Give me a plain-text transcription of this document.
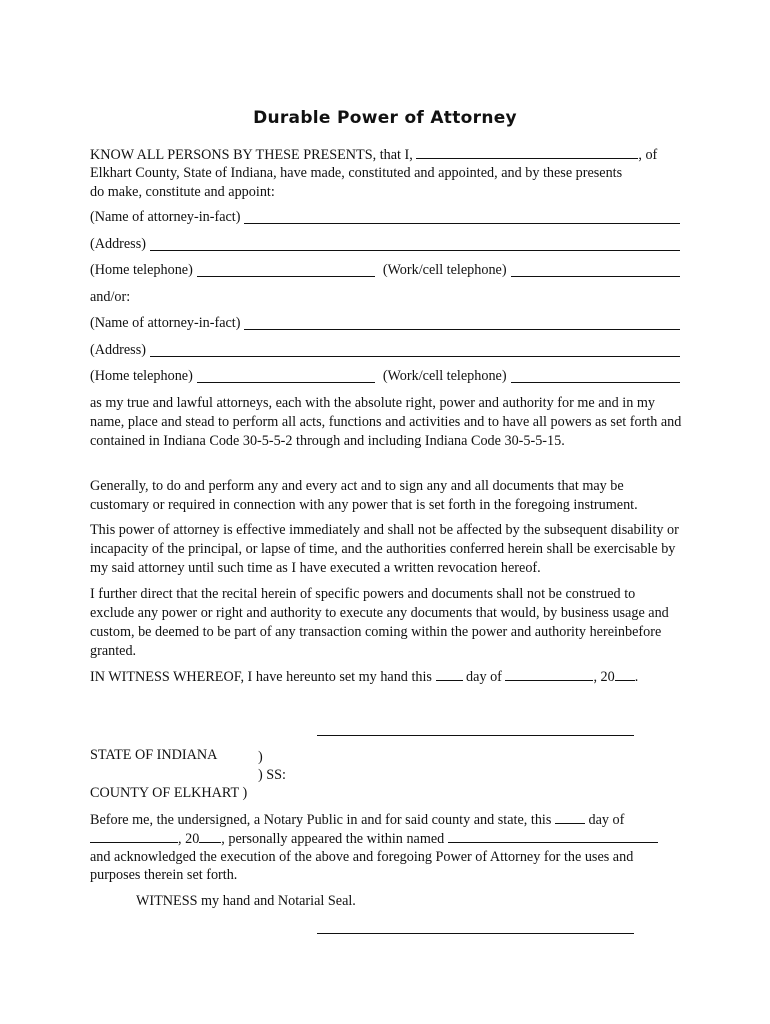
Durable Power of Attorney
KNOW ALL PERSONS BY THESE PRESENTS, that I,	, of
Elkhart County, State of Indiana, have made, constituted and appointed, and by these presents
do make, constitute and appoint:
(Name of attorney-in-fact)
(Address)
(Home telephone)	(Work/cell telephone)
and/or:
(Name of attorney-in-fact)
(Address)
(Home telephone)	(Work/cell telephone)

as my true and lawful attorneys, each with the absolute right, power and authority for me and in my name, place and stead to perform all acts, functions and activities and to have all powers as set forth and contained in Indiana Code 30-5-5-2 through and including Indiana Code 30-5-5-15.

Generally, to do and perform any and every act and to sign any and all documents that may be customary or required in connection with any power that is set forth in the foregoing instrument.

This power of attorney is effective immediately and shall not be affected by the subsequent disability or incapacity of the principal, or lapse of time, and the authorities conferred herein shall be exercisable by my said attorney until such time as I have executed a written revocation hereof.

I further direct that the recital herein of specific powers and documents shall not be construed to exclude any power or right and authority to execute any documents that would, by business usage and custom, be deemed to be part of any transaction coming within the power and authority hereinbefore granted.

IN WITNESS WHEREOF, I have hereunto set my hand this day of	, 20 .
STATE OF INDIANA	)
) SS:
COUNTY OF ELKHART )
Before me, the undersigned, a Notary Public in and for said county and state, this	day of
, 20 , personally appeared the within named
and acknowledged the execution of the above and foregoing Power of Attorney for the uses and
purposes therein set forth.
WITNESS my hand and Notarial Seal.
